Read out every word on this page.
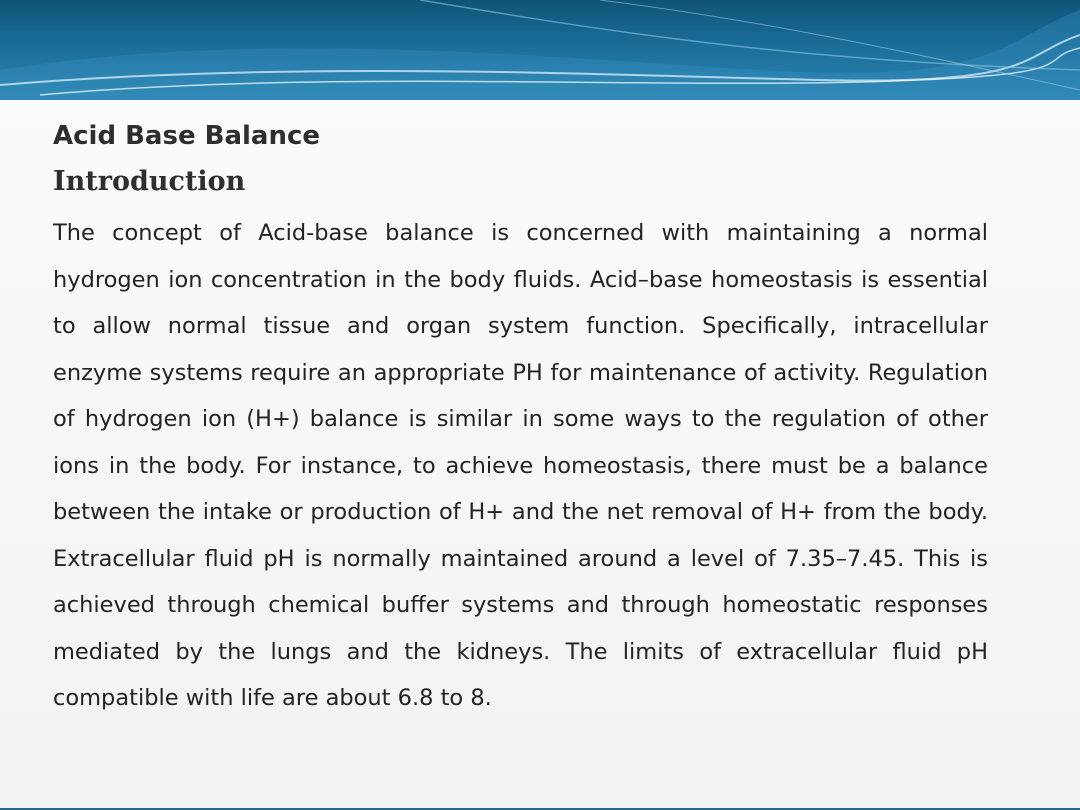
Acid Base Balance
Introduction

The concept of Acid-base balance is concerned with maintaining a normal hydrogen ion concentration in the body fluids. Acid–base homeostasis is essential to allow normal tissue and organ system function. Specifically, intracellular enzyme systems require an appropriate PH for maintenance of activity. Regulation of hydrogen ion (H+) balance is similar in some ways to the regulation of other ions in the body. For instance, to achieve homeostasis, there must be a balance between the intake or production of H+ and the net removal of H+ from the body. Extracellular fluid pH is normally maintained around a level of 7.35–7.45. This is achieved through chemical buffer systems and through homeostatic responses mediated by the lungs and the kidneys. The limits of extracellular fluid pH compatible with life are about 6.8 to 8.
